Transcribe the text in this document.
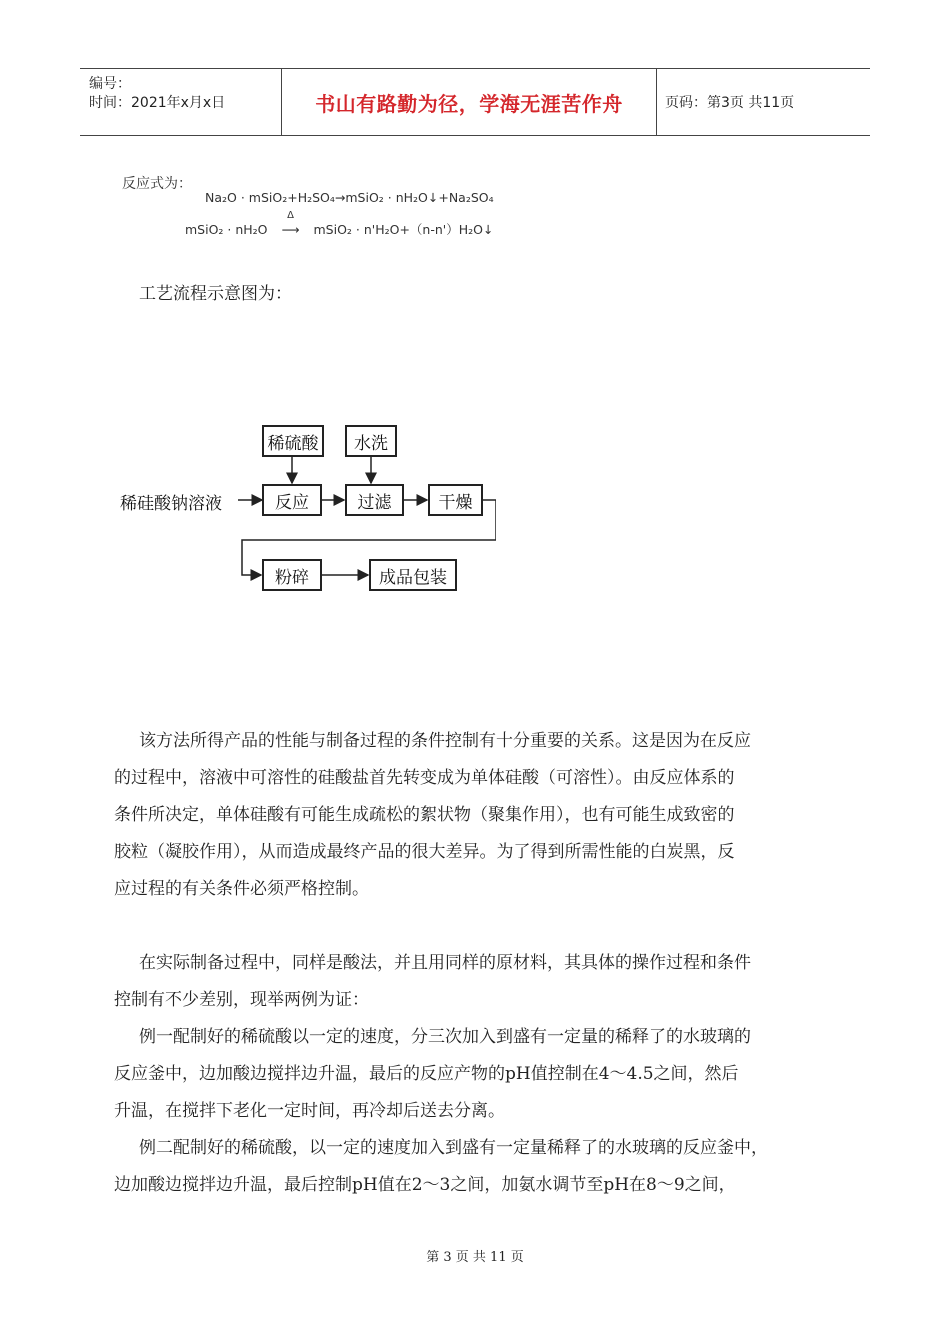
编号：
时间：2021年x月x日	书山有路勤为径，学海无涯苦作舟	页码：第3页 共11页
反应式为：
Na₂O · mSiO₂+H₂SO₄→mSiO₂ · nH₂O↓+Na₂SO₄
mSiO₂ · nH₂O
Δ
⟶ mSiO₂ · n'H₂O+（n-n'）H₂O↓
工艺流程示意图为：
稀硅酸钠溶液
稀硫酸	水洗
反应	过滤	干燥
粉碎	成品包装
该方法所得产品的性能与制备过程的条件控制有十分重要的关系。这是因为在反应
的过程中，溶液中可溶性的硅酸盐首先转变成为单体硅酸（可溶性）。由反应体系的
条件所决定，单体硅酸有可能生成疏松的絮状物（聚集作用），也有可能生成致密的
胶粒（凝胶作用），从而造成最终产品的很大差异。为了得到所需性能的白炭黑，反
应过程的有关条件必须严格控制。
在实际制备过程中，同样是酸法，并且用同样的原材料，其具体的操作过程和条件
控制有不少差别，现举两例为证：
例一配制好的稀硫酸以一定的速度，分三次加入到盛有一定量的稀释了的水玻璃的
反应釜中，边加酸边搅拌边升温，最后的反应产物的pH值控制在4～4.5之间，然后
升温，在搅拌下老化一定时间，再冷却后送去分离。
例二配制好的稀硫酸，以一定的速度加入到盛有一定量稀释了的水玻璃的反应釜中，
边加酸边搅拌边升温，最后控制pH值在2～3之间，加氨水调节至pH在8～9之间，
第 3 页 共 11 页
